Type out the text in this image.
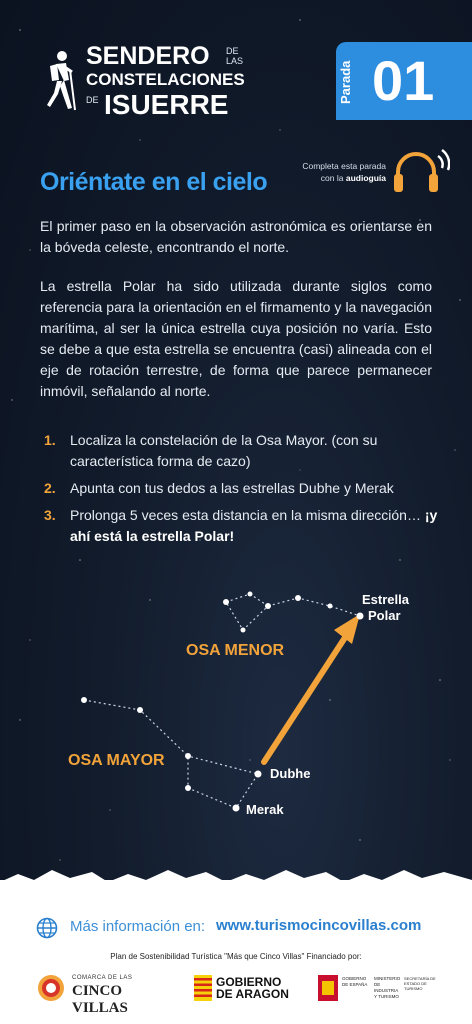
SENDERO DE
LAS
CONSTELACIONES
DE ISUERRE
Parada 01
Oriéntate en el cielo
Completa esta parada
con la audioguía
El primer paso en la observación astronómica es orientarse en la bóveda celeste, encontrando el norte.
La estrella Polar ha sido utilizada durante siglos como referencia para la orientación en el firmamento y la navegación marítima, al ser la única estrella cuya posición no varía. Esto se debe a que esta estrella se encuentra (casi) alineada con el eje de rotación terrestre, de forma que parece permanecer inmóvil, señalando al norte.
1. Localiza la constelación de la Osa Mayor. (con su característica forma de cazo)
2. Apunta con tus dedos a las estrellas Dubhe y Merak
3. Prolonga 5 veces esta distancia en la misma dirección… ¡y ahí está la estrella Polar!
OSA MENOR
OSA MAYOR
Estrella
Polar
Dubhe
Merak
Más información en: www.turismocincovillas.com
Plan de Sostenibilidad Turística "Más que Cinco Villas" Financiado por:
COMARCA DE LAS
CINCO VILLAS
GOBIERNO
DE ARAGON
GOBIERNO DE ESPAÑA
MINISTERIO DE INDUSTRIA Y TURISMO
SECRETARÍA DE ESTADO DE TURISMO
